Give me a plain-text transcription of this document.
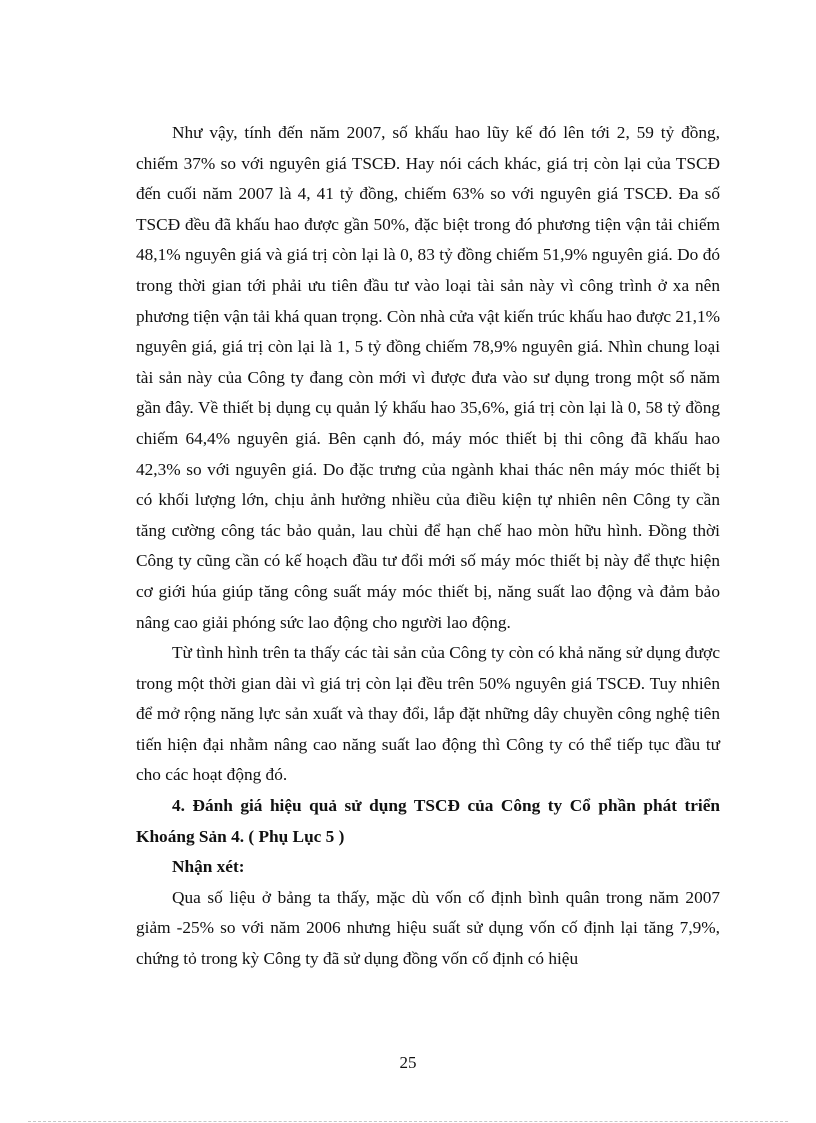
Như vậy, tính đến năm 2007, số khấu hao lũy kế đó lên tới 2, 59 tỷ đồng, chiếm 37% so với nguyên giá TSCĐ. Hay nói cách khác, giá trị còn lại của TSCĐ đến cuối năm 2007 là 4, 41 tỷ đồng, chiếm 63% so với nguyên giá TSCĐ. Đa số TSCĐ đều đã khấu hao được gần 50%, đặc biệt trong đó phương tiện vận tải chiếm 48,1% nguyên giá và giá trị còn lại là 0, 83 tỷ đồng chiếm 51,9% nguyên giá. Do đó trong thời gian tới phải ưu tiên đầu tư vào loại tài sản này vì công trình ở xa nên phương tiện vận tải khá quan trọng. Còn nhà cửa vật kiến trúc khấu hao được 21,1% nguyên giá, giá trị còn lại là 1, 5 tỷ đồng chiếm 78,9% nguyên giá. Nhìn chung loại tài sản này của Công ty đang còn mới vì được đưa vào sư dụng trong một số năm gần đây. Về thiết bị dụng cụ quản lý khấu hao 35,6%, giá trị còn lại là 0, 58 tỷ đồng chiếm 64,4% nguyên giá. Bên cạnh đó, máy móc thiết bị thi công đã khấu hao 42,3% so với nguyên giá. Do đặc trưng của ngành khai thác nên máy móc thiết bị có khối lượng lớn, chịu ảnh hưởng nhiều của điều kiện tự nhiên nên Công ty cần tăng cường công tác bảo quản, lau chùi để hạn chế hao mòn hữu hình. Đồng thời Công ty cũng cần có kế hoạch đầu tư đổi mới số máy móc thiết bị này để thực hiện cơ giới húa giúp tăng công suất máy móc thiết bị, năng suất lao động và đảm bảo nâng cao giải phóng sức lao động cho người lao động.

Từ tình hình trên ta thấy các tài sản của Công ty còn có khả năng sử dụng được trong một thời gian dài vì giá trị còn lại đều trên 50% nguyên giá TSCĐ. Tuy nhiên để mở rộng năng lực sản xuất và thay đổi, lắp đặt những dây chuyền công nghệ tiên tiến hiện đại nhằm nâng cao năng suất lao động thì Công ty có thể tiếp tục đầu tư cho các hoạt động đó.

4. Đánh giá hiệu quả sử dụng TSCĐ của Công ty Cổ phần phát triển Khoáng Sản 4. ( Phụ Lục 5 )

Nhận xét:

Qua số liệu ở bảng ta thấy, mặc dù vốn cố định bình quân trong năm 2007 giảm -25% so với năm 2006 nhưng hiệu suất sử dụng vốn cố định lại tăng 7,9%, chứng tỏ trong kỳ Công ty đã sử dụng đồng vốn cố định có hiệu

25
